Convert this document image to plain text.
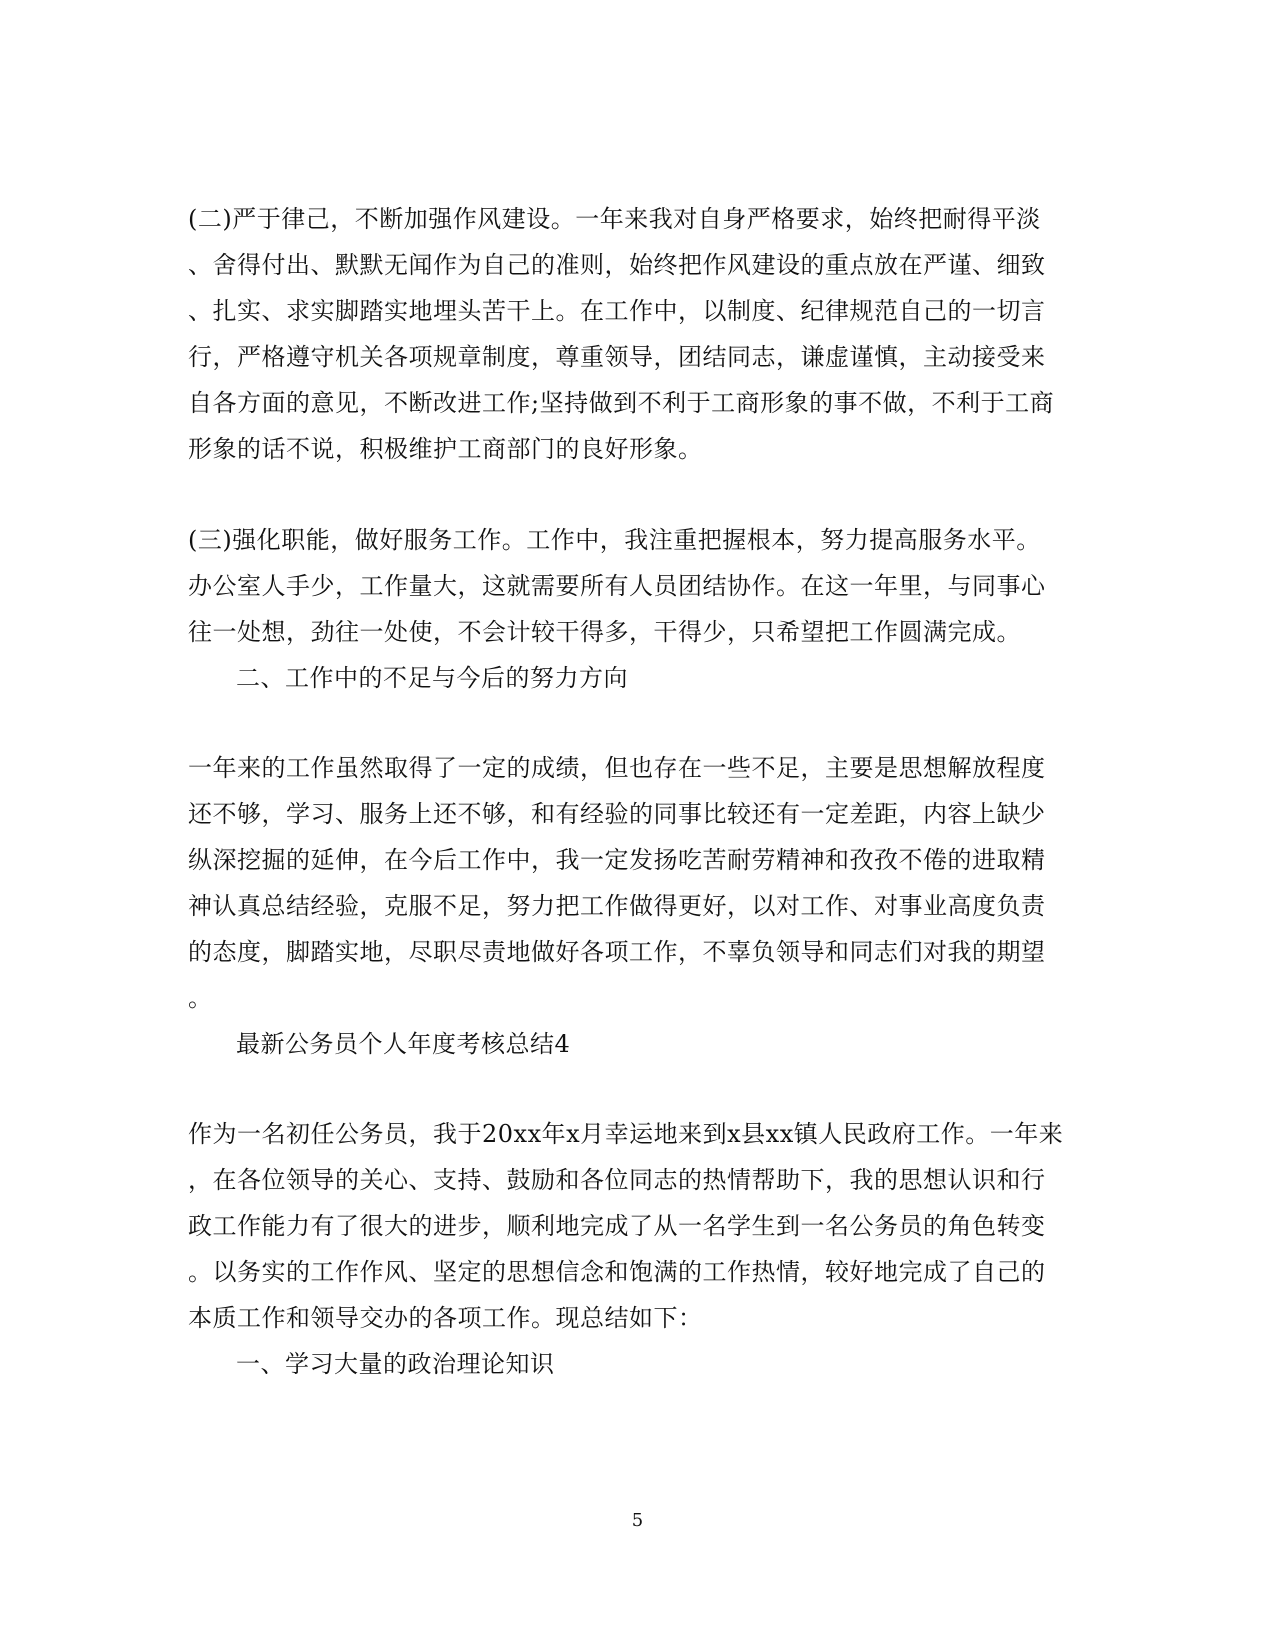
(二)严于律己，不断加强作风建设。一年来我对自身严格要求，始终把耐得平淡
、舍得付出、默默无闻作为自己的准则，始终把作风建设的重点放在严谨、细致
、扎实、求实脚踏实地埋头苦干上。在工作中，以制度、纪律规范自己的一切言
行，严格遵守机关各项规章制度，尊重领导，团结同志，谦虚谨慎，主动接受来
自各方面的意见，不断改进工作;坚持做到不利于工商形象的事不做，不利于工商
形象的话不说，积极维护工商部门的良好形象。
(三)强化职能，做好服务工作。工作中，我注重把握根本，努力提高服务水平。
办公室人手少，工作量大，这就需要所有人员团结协作。在这一年里，与同事心
往一处想，劲往一处使，不会计较干得多，干得少，只希望把工作圆满完成。
二、工作中的不足与今后的努力方向
一年来的工作虽然取得了一定的成绩，但也存在一些不足，主要是思想解放程度
还不够，学习、服务上还不够，和有经验的同事比较还有一定差距，内容上缺少
纵深挖掘的延伸，在今后工作中，我一定发扬吃苦耐劳精神和孜孜不倦的进取精
神认真总结经验，克服不足，努力把工作做得更好，以对工作、对事业高度负责
的态度，脚踏实地，尽职尽责地做好各项工作，不辜负领导和同志们对我的期望
。
最新公务员个人年度考核总结4
作为一名初任公务员，我于20xx年x月幸运地来到x县xx镇人民政府工作。一年来
，在各位领导的关心、支持、鼓励和各位同志的热情帮助下，我的思想认识和行
政工作能力有了很大的进步，顺利地完成了从一名学生到一名公务员的角色转变
。以务实的工作作风、坚定的思想信念和饱满的工作热情，较好地完成了自己的
本质工作和领导交办的各项工作。现总结如下：
一、学习大量的政治理论知识
5
